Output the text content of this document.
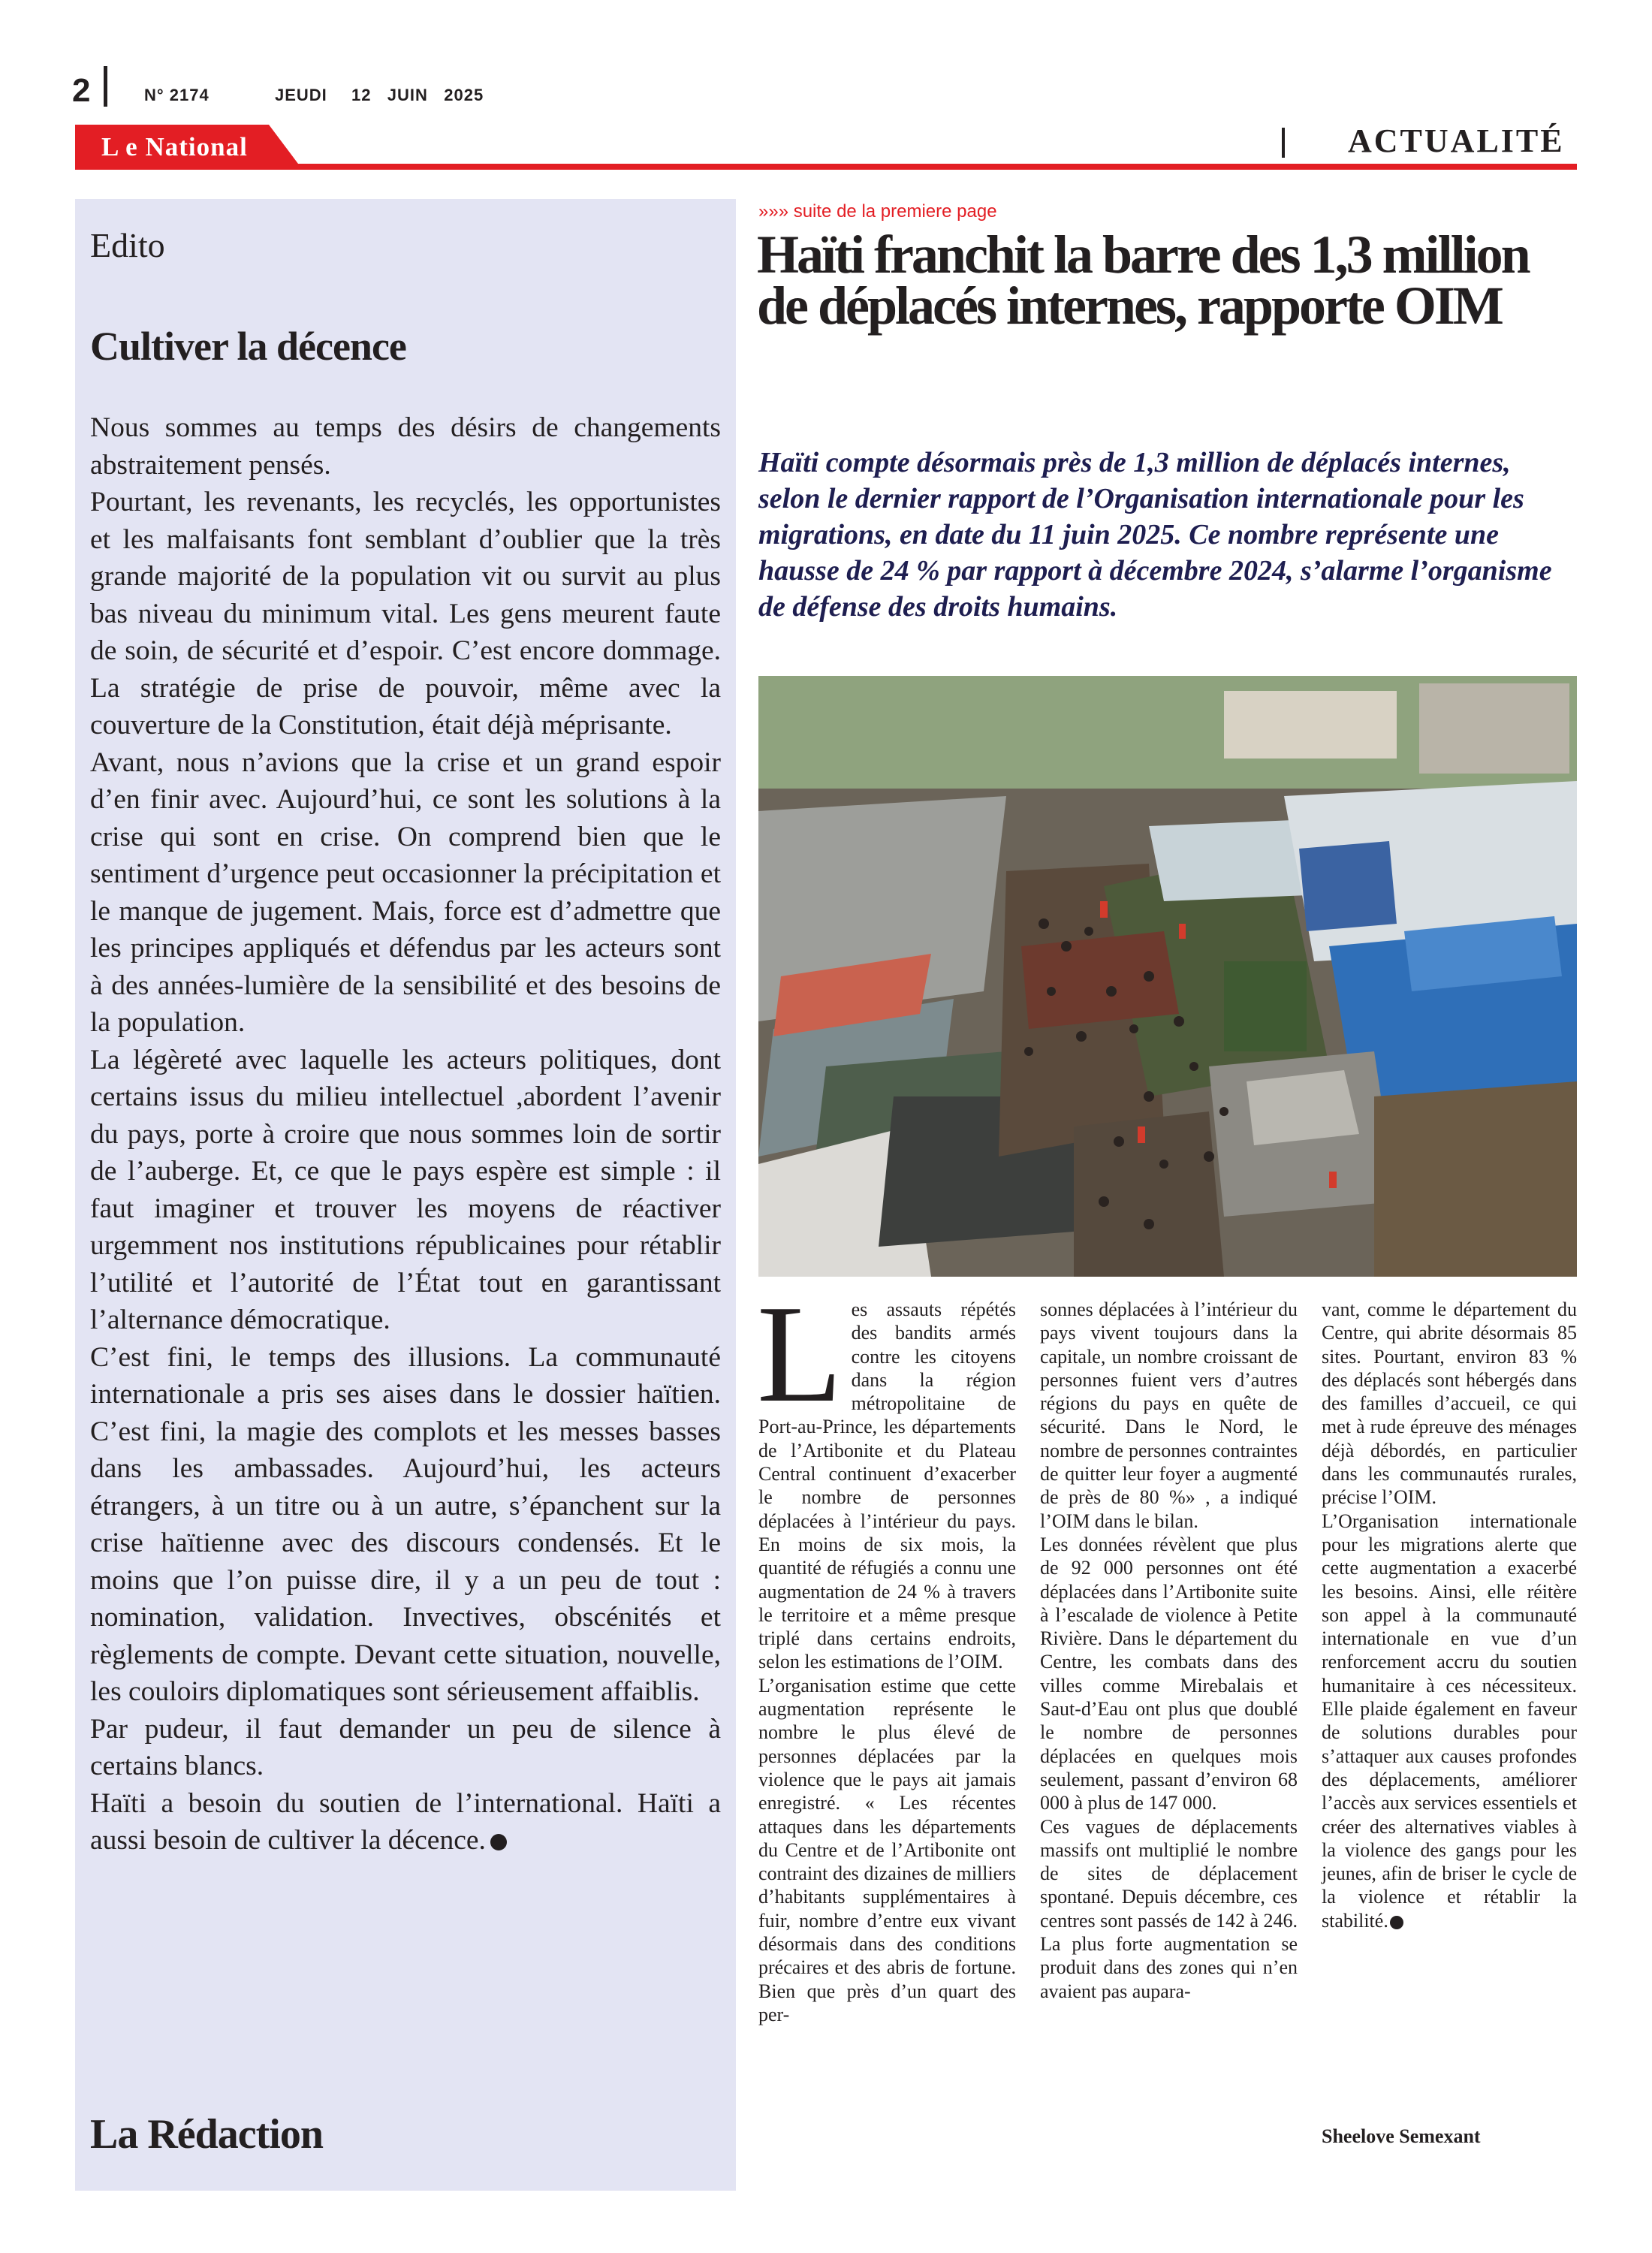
2	N° 2174	JEUDI 12   JUIN   2025
L e National	ACTUALITÉ
Edito
Cultiver la décence

Nous sommes au temps des désirs de changements abstraitement pensés.

Pourtant, les revenants, les recyclés, les opportunistes et les malfaisants font semblant d’oublier que la très grande majorité de la population vit ou survit au plus bas niveau du minimum vital. Les gens meurent faute de soin, de sécurité et d’espoir. C’est encore dommage. La stratégie de prise de pouvoir, même avec la couverture de la Constitution, était déjà méprisante.

Avant, nous n’avions que la crise et un grand espoir d’en finir avec. Aujourd’hui, ce sont les solutions à la crise qui sont en crise. On comprend bien que le sentiment d’urgence peut occasionner la précipitation et le manque de jugement. Mais, force est d’admettre que les principes appliqués et défendus par les acteurs sont à des années-lumière de la sensibilité et des besoins de la population.

La légèreté avec laquelle les acteurs politiques, dont certains issus du milieu intellectuel ,abordent l’avenir du pays, porte à croire que nous sommes loin de sortir de l’auberge. Et, ce que le pays espère est simple : il faut imaginer et trouver les moyens de réactiver urgemment nos institutions républicaines pour rétablir l’utilité et l’autorité de l’État tout en garantissant l’alternance démocratique.

C’est fini, le temps des illusions. La communauté internationale a pris ses aises dans le dossier haïtien. C’est fini, la magie des complots et les messes basses dans les ambassades. Aujourd’hui, les acteurs étrangers, à un titre ou à un autre, s’épanchent sur la crise haïtienne avec des discours condensés. Et le moins que l’on puisse dire, il y a un peu de tout : nomination, validation. Invectives, obscénités et règlements de compte. Devant cette situation, nouvelle, les couloirs diplomatiques sont sérieusement affaiblis.

Par pudeur, il faut demander un peu de silence à certains blancs.

Haïti a besoin du soutien de l’international. Haïti a aussi besoin de cultiver la décence.

La Rédaction
»»» suite de la premiere page
Haïti franchit la barre des 1,3 million de déplacés internes, rapporte OIM

Haïti compte désormais près de 1,3 million de déplacés internes, selon le dernier rapport de l’Organisation internationale pour les migrations, en date du 11 juin 2025. Ce nombre représente une hausse de 24 % par rapport à décembre 2024, s’alarme l’organisme de défense des droits humains.

L es assauts répétés des bandits armés contre les citoyens dans la région métropolitaine de Port-au-Prince, les départements de l’Artibonite et du Plateau Central continuent d’exacerber le nombre de personnes déplacées à l’intérieur du pays. En moins de six mois, la quantité de réfugiés a connu une augmentation de 24 % à travers le territoire et a même presque triplé dans certains endroits, selon les estimations de l’OIM.

L’organisation estime que cette augmentation représente le nombre le plus élevé de personnes déplacées par la violence que le pays ait jamais enregistré. « Les récentes attaques dans les départements du Centre et de l’Artibonite ont contraint des dizaines de milliers d’habitants supplémentaires à fuir, nombre d’entre eux vivant désormais dans des conditions précaires et des abris de fortune. Bien que près d’un quart des per-

sonnes déplacées à l’intérieur du pays vivent toujours dans la capitale, un nombre croissant de personnes fuient vers d’autres régions du pays en quête de sécurité. Dans le Nord, le nombre de personnes contraintes de quitter leur foyer a augmenté de près de 80 %» , a indiqué l’OIM dans le bilan.

Les données révèlent que plus de 92 000 personnes ont été déplacées dans l’Artibonite suite à l’escalade de violence à Petite Rivière. Dans le département du Centre, les combats dans des villes comme Mirebalais et Saut-d’Eau ont plus que doublé le nombre de personnes déplacées en quelques mois seulement, passant d’environ 68 000 à plus de 147 000.

Ces vagues de déplacements massifs ont multiplié le nombre de sites de déplacement spontané. Depuis décembre, ces centres sont passés de 142 à 246. La plus forte augmentation se produit dans des zones qui n’en avaient pas aupara-

vant, comme le département du Centre, qui abrite désormais 85 sites. Pourtant, environ 83 % des déplacés sont hébergés dans des familles d’accueil, ce qui met à rude épreuve des ménages déjà débordés, en particulier dans les communautés rurales, précise l’OIM.

L’Organisation internationale pour les migrations alerte que cette augmentation a exacerbé les besoins. Ainsi, elle réitère son appel à la communauté internationale en vue d’un renforcement accru du soutien humanitaire à ces nécessiteux. Elle plaide également en faveur de solutions durables pour s’attaquer aux causes profondes des déplacements, améliorer l’accès aux services essentiels et créer des alternatives viables à la violence des gangs pour les jeunes, afin de briser le cycle de la violence et rétablir la stabilité.

Sheelove Semexant
